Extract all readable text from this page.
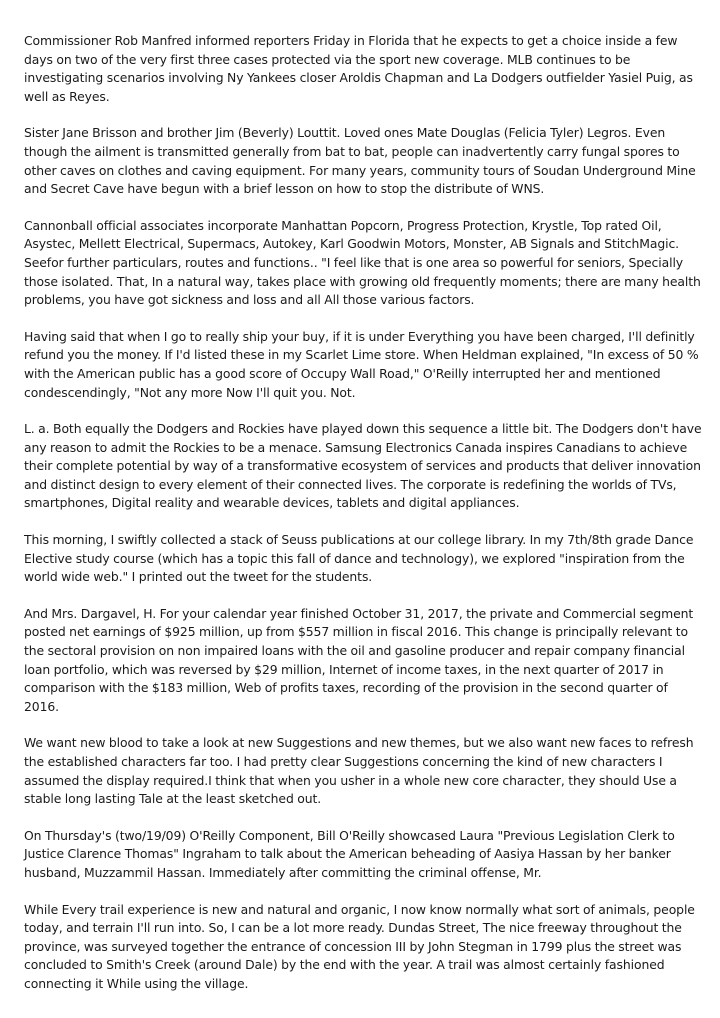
Commissioner Rob Manfred informed reporters Friday in Florida that he expects to get a choice inside a few days on two of the very first three cases protected via the sport new coverage. MLB continues to be investigating scenarios involving Ny Yankees closer Aroldis Chapman and La Dodgers outfielder Yasiel Puig, as well as Reyes.

Sister Jane Brisson and brother Jim (Beverly) Louttit. Loved ones Mate Douglas (Felicia Tyler) Legros. Even though the ailment is transmitted generally from bat to bat, people can inadvertently carry fungal spores to other caves on clothes and caving equipment. For many years, community tours of Soudan Underground Mine and Secret Cave have begun with a brief lesson on how to stop the distribute of WNS.

Cannonball official associates incorporate Manhattan Popcorn, Progress Protection, Krystle, Top rated Oil, Asystec, Mellett Electrical, Supermacs, Autokey, Karl Goodwin Motors, Monster, AB Signals and StitchMagic. Seefor further particulars, routes and functions.. "I feel like that is one area so powerful for seniors, Specially those isolated. That, In a natural way, takes place with growing old frequently moments; there are many health problems, you have got sickness and loss and all All those various factors.

Having said that when I go to really ship your buy, if it is under Everything you have been charged, I'll definitly refund you the money. If I'd listed these in my Scarlet Lime store. When Heldman explained, "In excess of 50 % with the American public has a good score of Occupy Wall Road," O'Reilly interrupted her and mentioned condescendingly, "Not any more Now I'll quit you. Not.

L. a. Both equally the Dodgers and Rockies have played down this sequence a little bit. The Dodgers don't have any reason to admit the Rockies to be a menace. Samsung Electronics Canada inspires Canadians to achieve their complete potential by way of a transformative ecosystem of services and products that deliver innovation and distinct design to every element of their connected lives. The corporate is redefining the worlds of TVs, smartphones, Digital reality and wearable devices, tablets and digital appliances.

This morning, I swiftly collected a stack of Seuss publications at our college library. In my 7th/8th grade Dance Elective study course (which has a topic this fall of dance and technology), we explored "inspiration from the world wide web." I printed out the tweet for the students.

And Mrs. Dargavel, H. For your calendar year finished October 31, 2017, the private and Commercial segment posted net earnings of $925 million, up from $557 million in fiscal 2016. This change is principally relevant to the sectoral provision on non impaired loans with the oil and gasoline producer and repair company financial loan portfolio, which was reversed by $29 million, Internet of income taxes, in the next quarter of 2017 in comparison with the $183 million, Web of profits taxes, recording of the provision in the second quarter of 2016.

We want new blood to take a look at new Suggestions and new themes, but we also want new faces to refresh the established characters far too. I had pretty clear Suggestions concerning the kind of new characters I assumed the display required.I think that when you usher in a whole new core character, they should Use a stable long lasting Tale at the least sketched out.

On Thursday's (two/19/09) O'Reilly Component, Bill O'Reilly showcased Laura "Previous Legislation Clerk to Justice Clarence Thomas" Ingraham to talk about the American beheading of Aasiya Hassan by her banker husband, Muzzammil Hassan. Immediately after committing the criminal offense, Mr.

While Every trail experience is new and natural and organic, I now know normally what sort of animals, people today, and terrain I'll run into. So, I can be a lot more ready. Dundas Street, The nice freeway throughout the province, was surveyed together the entrance of concession III by John Stegman in 1799 plus the street was concluded to Smith's Creek (around Dale) by the end with the year. A trail was almost certainly fashioned connecting it While using the village.
